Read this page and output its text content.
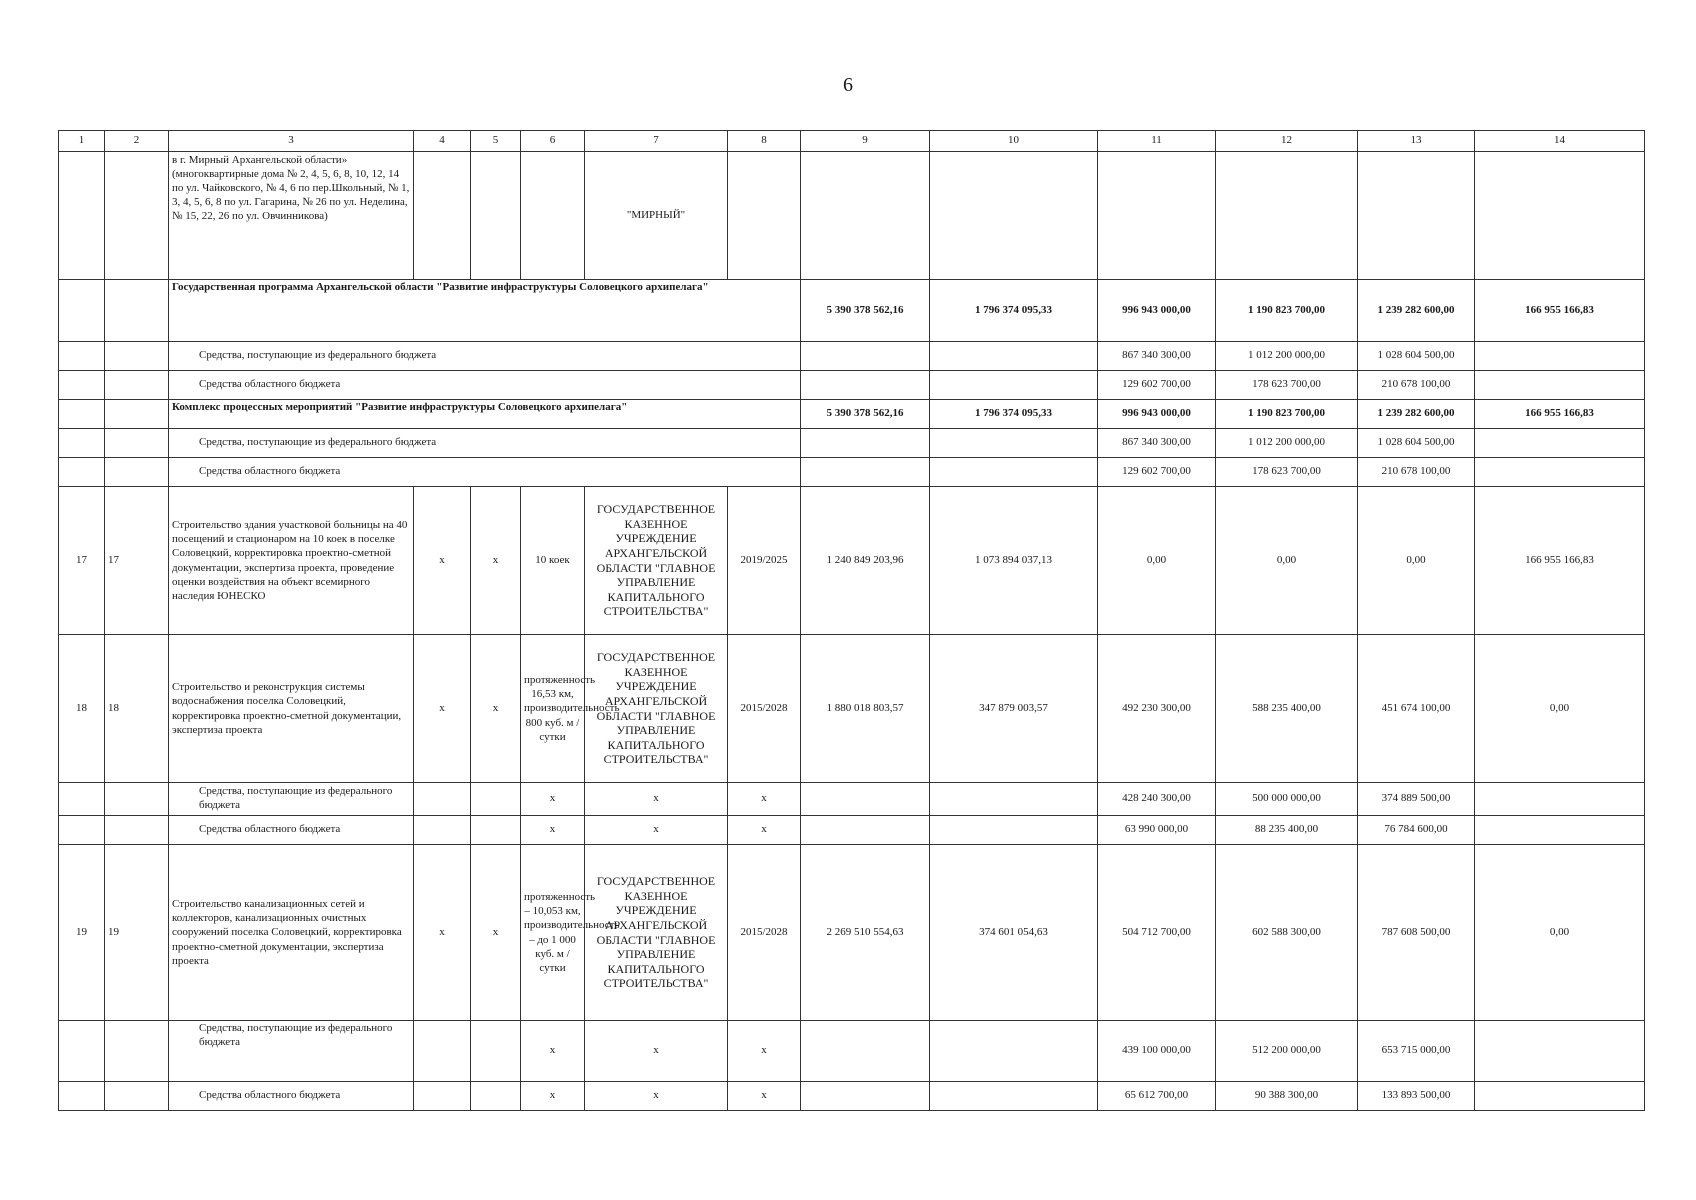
6
1	2	3	4	5	6	7	8	9	10	11	12	13	14
		в г. Мирный Архангельской области» (многоквартирные дома № 2, 4, 5, 6, 8, 10, 12, 14 по ул. Чайковского, № 4, 6 по пер.Школьный, № 1, 3, 4, 5, 6, 8 по ул. Гагарина, № 26 по ул. Неделина, № 15, 22, 26 по ул. Овчинникова)				"МИРНЫЙ"							
		Государственная программа Архангельской области "Развитие инфраструктуры Соловецкого архипелага"						5 390 378 562,16	1 796 374 095,33	996 943 000,00	1 190 823 700,00	1 239 282 600,00	166 955 166,83
		Средства, поступающие из федерального бюджета								867 340 300,00	1 012 200 000,00	1 028 604 500,00	
		Средства областного бюджета								129 602 700,00	178 623 700,00	210 678 100,00	
		Комплекс процессных мероприятий "Развитие инфраструктуры Соловецкого архипелага"						5 390 378 562,16	1 796 374 095,33	996 943 000,00	1 190 823 700,00	1 239 282 600,00	166 955 166,83
		Средства, поступающие из федерального бюджета								867 340 300,00	1 012 200 000,00	1 028 604 500,00	
		Средства областного бюджета								129 602 700,00	178 623 700,00	210 678 100,00	
17	17	Строительство здания участковой больницы на 40 посещений и стационаром на 10 коек в поселке Соловецкий, корректировка проектно-сметной документации, экспертиза проекта, проведение оценки воздействия на объект всемирного наследия ЮНЕСКО	x	x	10 коек	ГОСУДАРСТВЕННОЕ КАЗЕННОЕ УЧРЕЖДЕНИЕ АРХАНГЕЛЬСКОЙ ОБЛАСТИ "ГЛАВНОЕ УПРАВЛЕНИЕ КАПИТАЛЬНОГО СТРОИТЕЛЬСТВА"	2019/2025	1 240 849 203,96	1 073 894 037,13	0,00	0,00	0,00	166 955 166,83
18	18	Строительство и реконструкция системы водоснабжения поселка Соловецкий, корректировка проектно-сметной документации, экспертиза проекта	x	x	протяженность 16,53 км, производительность 800 куб. м / сутки	ГОСУДАРСТВЕННОЕ КАЗЕННОЕ УЧРЕЖДЕНИЕ АРХАНГЕЛЬСКОЙ ОБЛАСТИ "ГЛАВНОЕ УПРАВЛЕНИЕ КАПИТАЛЬНОГО СТРОИТЕЛЬСТВА"	2015/2028	1 880 018 803,57	347 879 003,57	492 230 300,00	588 235 400,00	451 674 100,00	0,00
		Средства, поступающие из федерального бюджета			x	x	x			428 240 300,00	500 000 000,00	374 889 500,00	
		Средства областного бюджета			x	x	x			63 990 000,00	88 235 400,00	76 784 600,00	
19	19	Строительство канализационных сетей и коллекторов, канализационных очистных сооружений поселка Соловецкий, корректировка проектно-сметной документации, экспертиза проекта	x	x	протяженность – 10,053 км, производительность – до 1 000 куб. м / сутки	ГОСУДАРСТВЕННОЕ КАЗЕННОЕ УЧРЕЖДЕНИЕ АРХАНГЕЛЬСКОЙ ОБЛАСТИ "ГЛАВНОЕ УПРАВЛЕНИЕ КАПИТАЛЬНОГО СТРОИТЕЛЬСТВА"	2015/2028	2 269 510 554,63	374 601 054,63	504 712 700,00	602 588 300,00	787 608 500,00	0,00
		Средства, поступающие из федерального бюджета			x	x	x			439 100 000,00	512 200 000,00	653 715 000,00	
		Средства областного бюджета			x	x	x			65 612 700,00	90 388 300,00	133 893 500,00	
